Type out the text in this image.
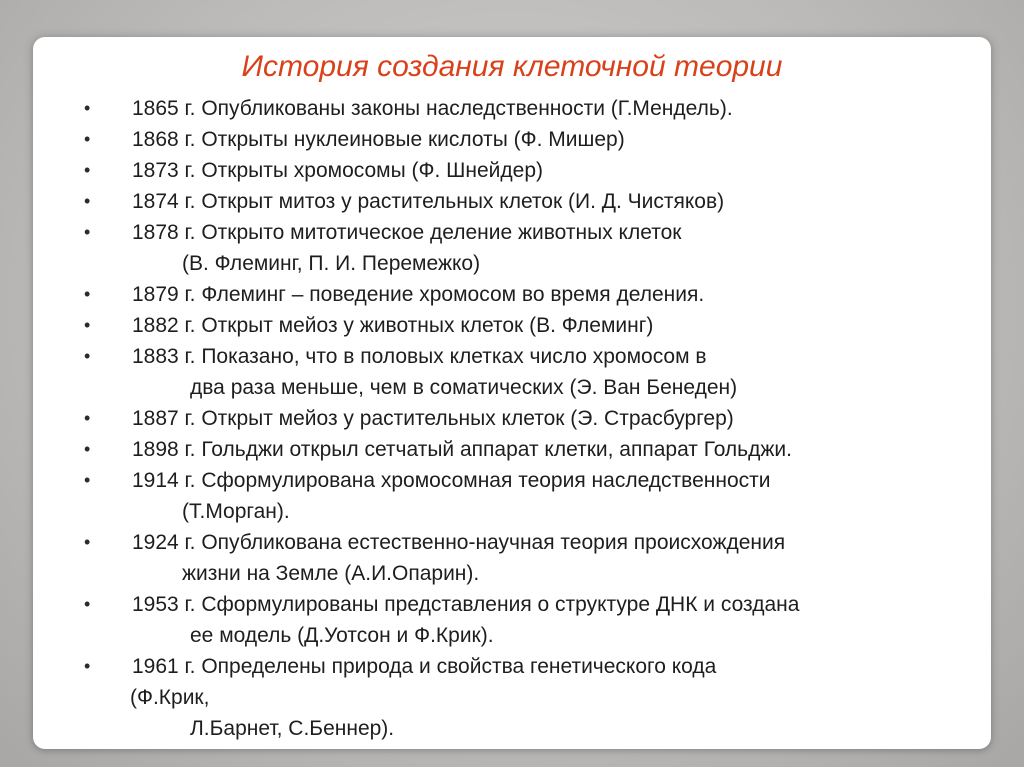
История создания клеточной теории
•	1865 г. Опубликованы законы наследственности (Г.Мендель).
•	1868 г. Открыты нуклеиновые кислоты (Ф. Мишер)
•	1873 г. Открыты хромосомы (Ф. Шнейдер)
•	1874 г. Открыт митоз у растительных клеток (И. Д. Чистяков)
•	1878 г. Открыто митотическое деление животных клеток
(В. Флеминг, П. И. Перемежко)
•	1879 г. Флеминг – поведение хромосом во время деления.
•	1882 г. Открыт мейоз у животных клеток (В. Флеминг)
•	1883 г. Показано, что в половых клетках число хромосом в
два раза меньше, чем в соматических (Э. Ван Бенеден)
•	1887 г. Открыт мейоз у растительных клеток (Э. Страсбургер)
•	1898 г. Гольджи открыл сетчатый аппарат клетки, аппарат Гольджи.
•	1914 г. Сформулирована хромосомная теория наследственности
(Т.Морган).
•	1924 г. Опубликована естественно-научная теория происхождения
жизни на Земле (А.И.Опарин).
•	1953 г. Сформулированы представления о структуре ДНК и создана
ее модель (Д.Уотсон и Ф.Крик).
•	1961 г. Определены природа и свойства генетического кода
(Ф.Крик,
Л.Барнет, С.Беннер).
